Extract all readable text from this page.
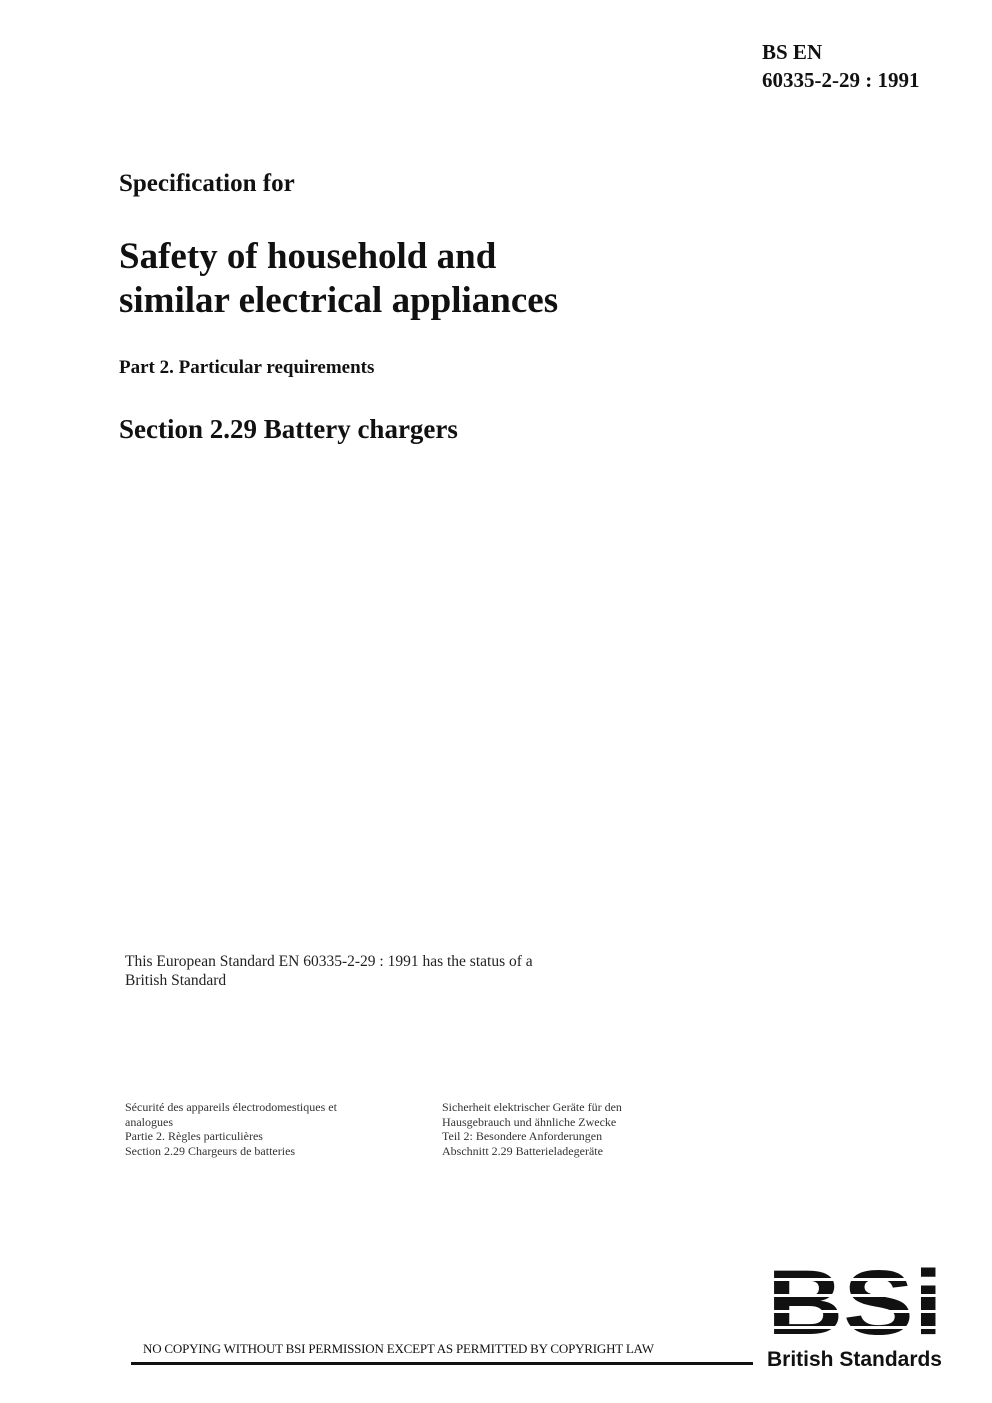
BS EN
60335-2-29 : 1991
Specification for
Safety of household and
similar electrical appliances
Part 2. Particular requirements
Section 2.29 Battery chargers
This European Standard EN 60335-2-29 : 1991 has the status of a
British Standard
Sécurité des appareils électrodomestiques et
analogues
Partie 2. Règles particulières
Section 2.29 Chargeurs de batteries
Sicherheit elektrischer Geräte für den
Hausgebrauch und ähnliche Zwecke
Teil 2: Besondere Anforderungen
Abschnitt 2.29 Batterieladegeräte
British Standards
NO COPYING WITHOUT BSI PERMISSION EXCEPT AS PERMITTED BY COPYRIGHT LAW
